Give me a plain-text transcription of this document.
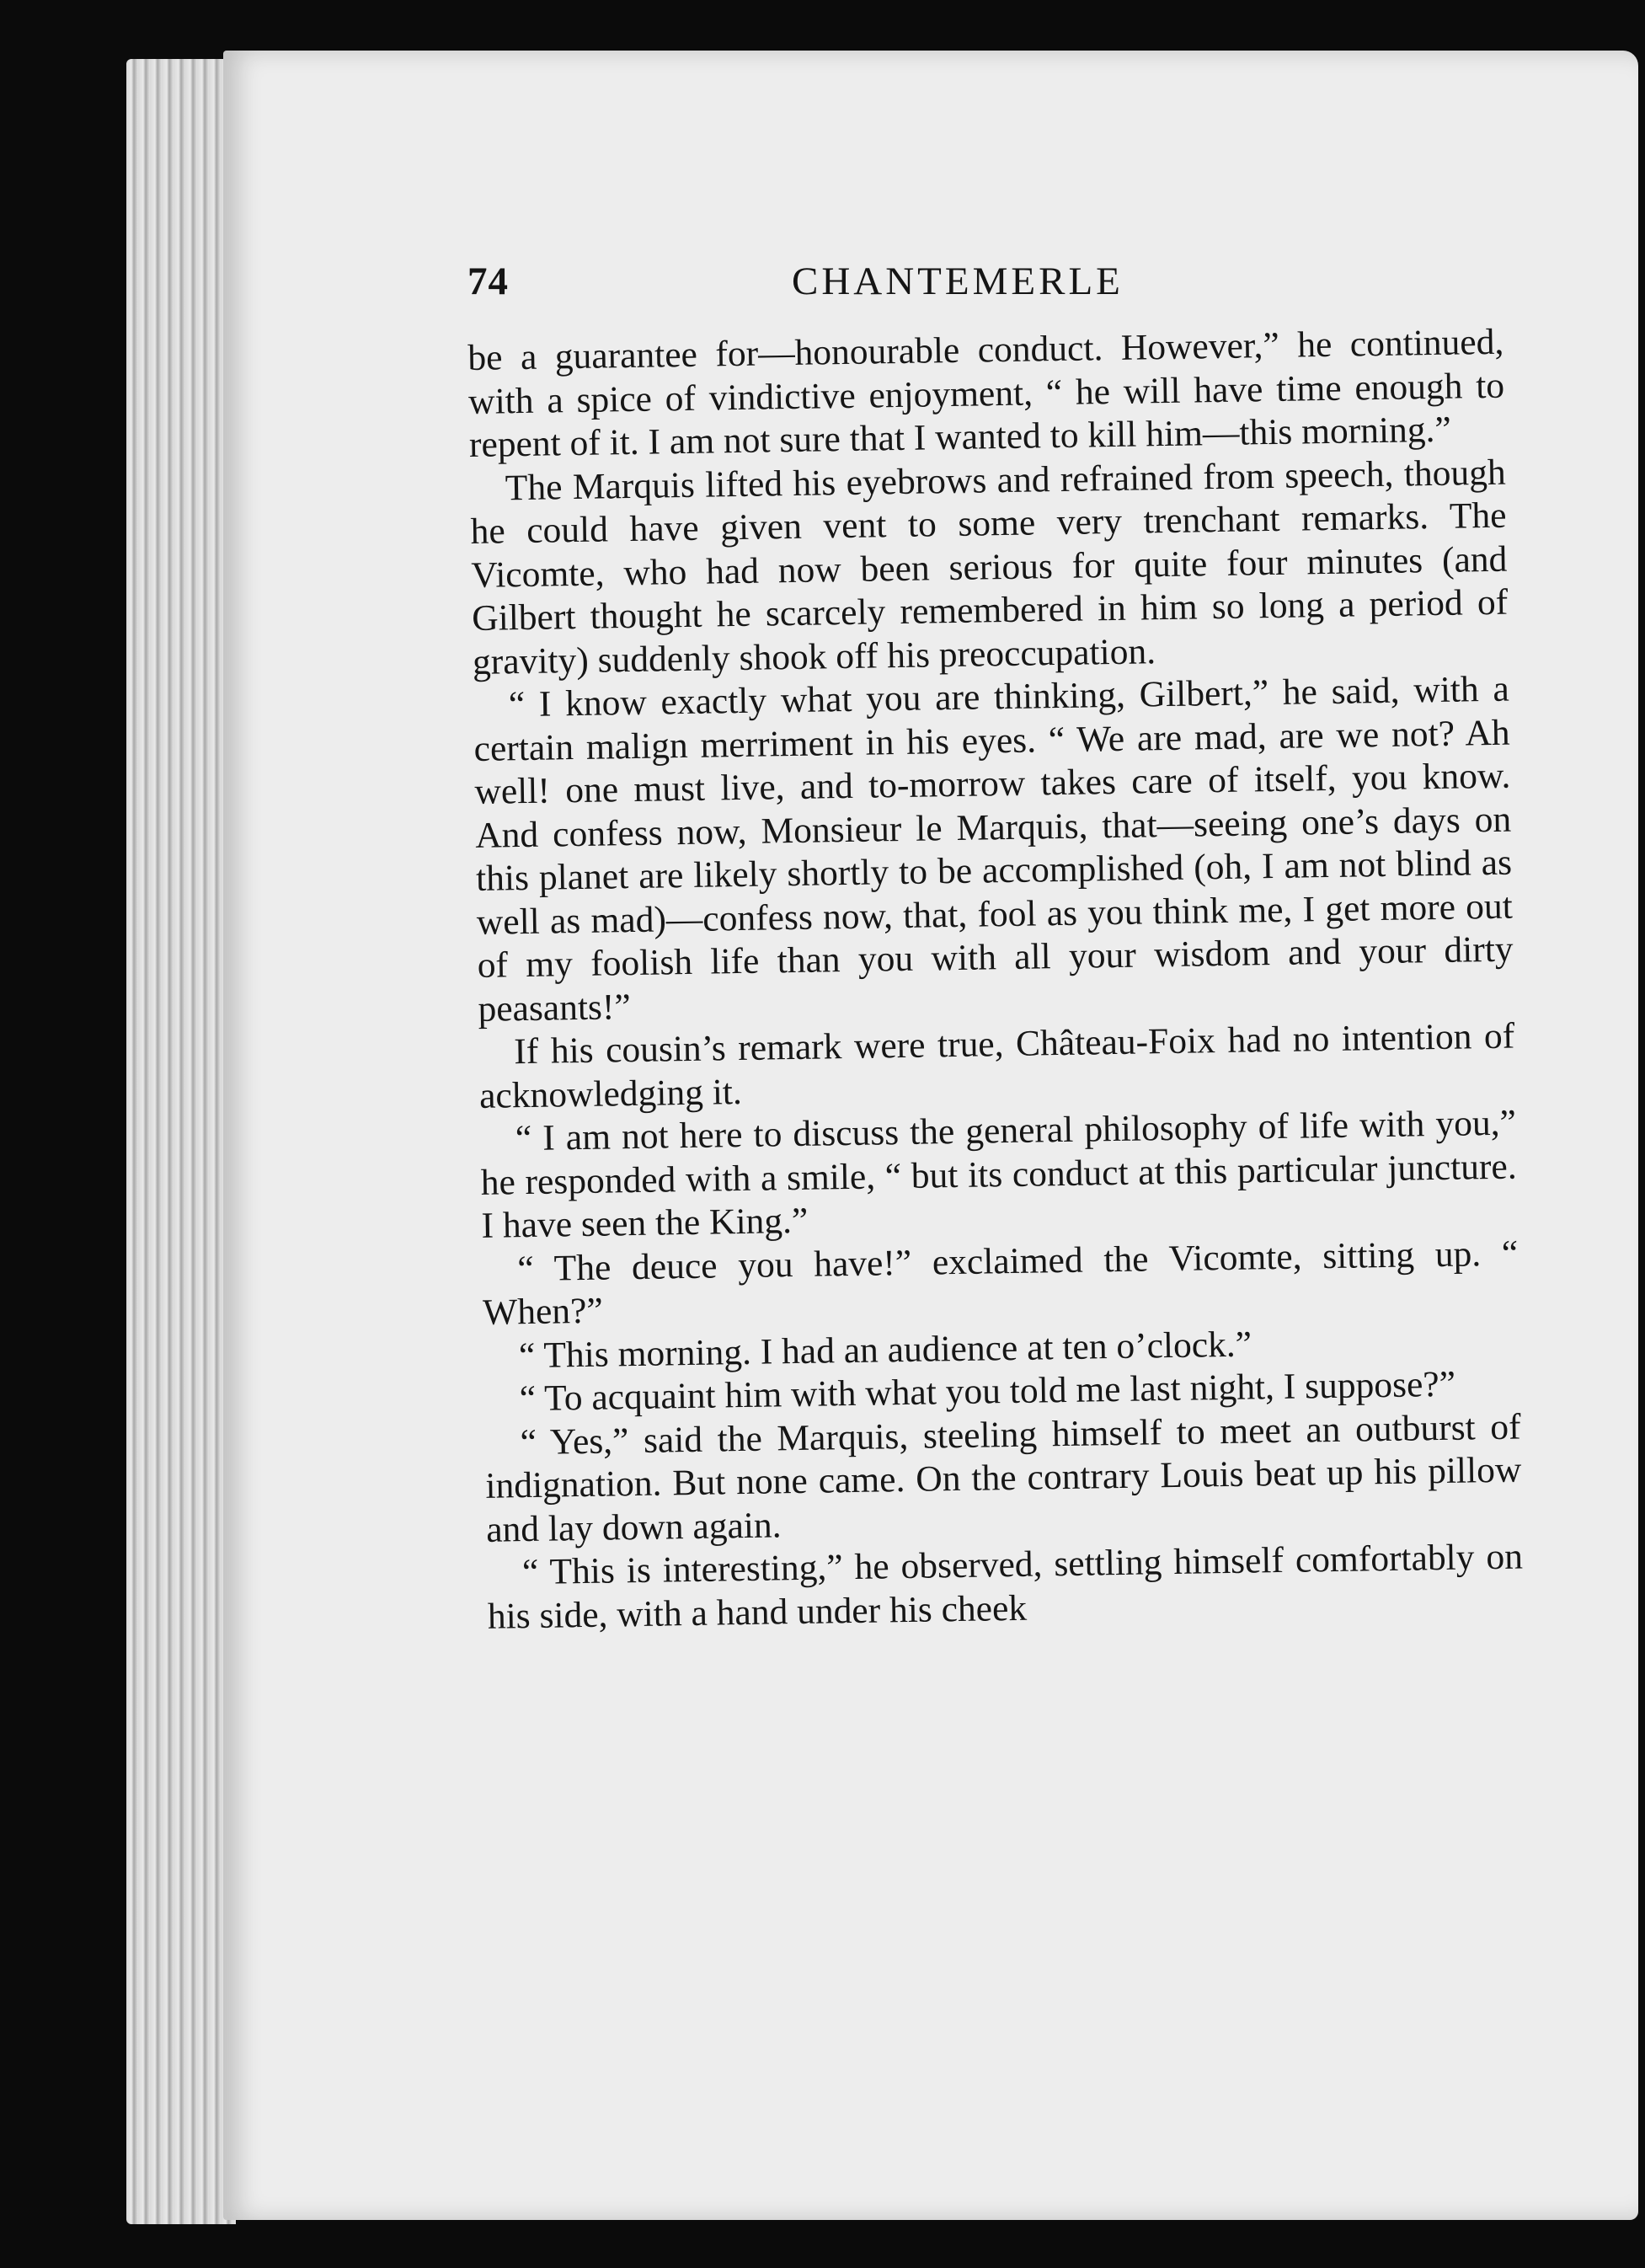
74	CHANTEMERLE

be a guarantee for—honourable conduct. However,” he continued, with a spice of vindictive enjoyment, “ he will have time enough to repent of it. I am not sure that I wanted to kill him—this morning.”

The Marquis lifted his eyebrows and refrained from speech, though he could have given vent to some very trenchant remarks. The Vicomte, who had now been serious for quite four minutes (and Gilbert thought he scarcely remembered in him so long a period of gravity) suddenly shook off his preoccupation.

“ I know exactly what you are thinking, Gilbert,” he said, with a certain malign merriment in his eyes. “ We are mad, are we not? Ah well! one must live, and to-morrow takes care of itself, you know. And confess now, Monsieur le Marquis, that—seeing one’s days on this planet are likely shortly to be accomplished (oh, I am not blind as well as mad)—confess now, that, fool as you think me, I get more out of my foolish life than you with all your wisdom and your dirty peasants!”

If his cousin’s remark were true, Château-Foix had no intention of acknowledging it.

“ I am not here to discuss the general philosophy of life with you,” he responded with a smile, “ but its conduct at this particular juncture. I have seen the King.”

“ The deuce you have!” exclaimed the Vicomte, sitting up. “ When?”

“ This morning. I had an audience at ten o’clock.”

“ To acquaint him with what you told me last night, I suppose?”

“ Yes,” said the Marquis, steeling himself to meet an outburst of indignation. But none came. On the contrary Louis beat up his pillow and lay down again.

“ This is interesting,” he observed, settling himself comfortably on his side, with a hand under his cheek
